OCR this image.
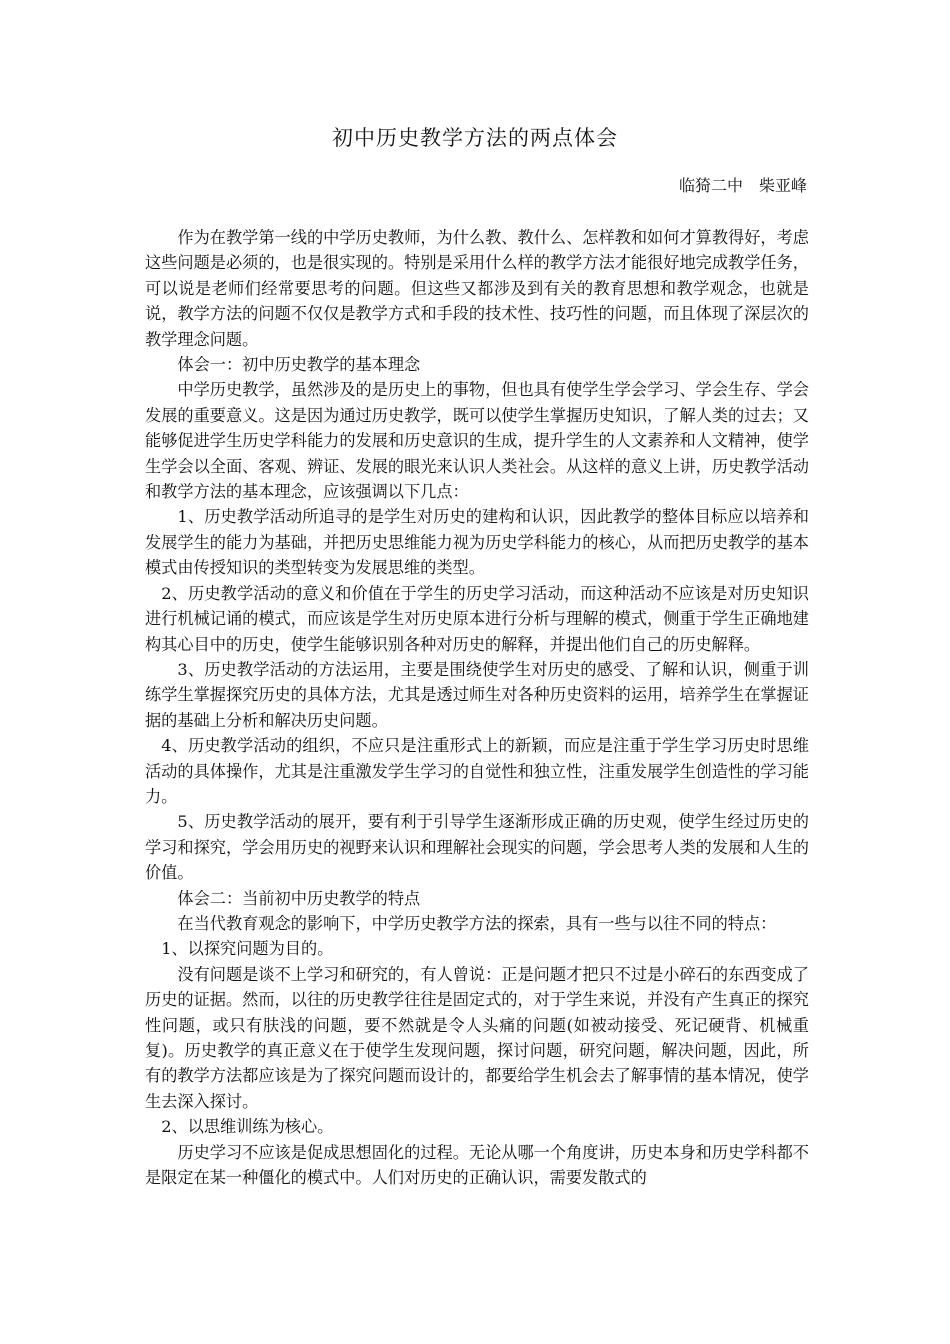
初中历史教学方法的两点体会
临猗二中　柴亚峰

作为在教学第一线的中学历史教师，为什么教、教什么、怎样教和如何才算教得好，考虑这些问题是必须的，也是很实现的。特别是采用什么样的教学方法才能很好地完成教学任务，可以说是老师们经常要思考的问题。但这些又都涉及到有关的教育思想和教学观念，也就是说，教学方法的问题不仅仅是教学方式和手段的技术性、技巧性的问题，而且体现了深层次的教学理念问题。

体会一：初中历史教学的基本理念

中学历史教学，虽然涉及的是历史上的事物，但也具有使学生学会学习、学会生存、学会发展的重要意义。这是因为通过历史教学，既可以使学生掌握历史知识，了解人类的过去；又能够促进学生历史学科能力的发展和历史意识的生成，提升学生的人文素养和人文精神，使学生学会以全面、客观、辨证、发展的眼光来认识人类社会。从这样的意义上讲，历史教学活动和教学方法的基本理念，应该强调以下几点：

1、历史教学活动所追寻的是学生对历史的建构和认识，因此教学的整体目标应以培养和发展学生的能力为基础，并把历史思维能力视为历史学科能力的核心，从而把历史教学的基本模式由传授知识的类型转变为发展思维的类型。

2、历史教学活动的意义和价值在于学生的历史学习活动，而这种活动不应该是对历史知识进行机械记诵的模式，而应该是学生对历史原本进行分析与理解的模式，侧重于学生正确地建构其心目中的历史，使学生能够识别各种对历史的解释，并提出他们自己的历史解释。

3、历史教学活动的方法运用，主要是围绕使学生对历史的感受、了解和认识，侧重于训练学生掌握探究历史的具体方法，尤其是透过师生对各种历史资料的运用，培养学生在掌握证据的基础上分析和解决历史问题。

4、历史教学活动的组织，不应只是注重形式上的新颖，而应是注重于学生学习历史时思维活动的具体操作，尤其是注重激发学生学习的自觉性和独立性，注重发展学生创造性的学习能力。

5、历史教学活动的展开，要有利于引导学生逐渐形成正确的历史观，使学生经过历史的学习和探究，学会用历史的视野来认识和理解社会现实的问题，学会思考人类的发展和人生的价值。

体会二：当前初中历史教学的特点

在当代教育观念的影响下，中学历史教学方法的探索，具有一些与以往不同的特点：

1、以探究问题为目的。

没有问题是谈不上学习和研究的，有人曾说：正是问题才把只不过是小碎石的东西变成了历史的证据。然而，以往的历史教学往往是固定式的，对于学生来说，并没有产生真正的探究性问题，或只有肤浅的问题，要不然就是令人头痛的问题(如被动接受、死记硬背、机械重复)。历史教学的真正意义在于使学生发现问题，探讨问题，研究问题，解决问题，因此，所有的教学方法都应该是为了探究问题而设计的，都要给学生机会去了解事情的基本情况，使学生去深入探讨。

2、以思维训练为核心。

历史学习不应该是促成思想固化的过程。无论从哪一个角度讲，历史本身和历史学科都不是限定在某一种僵化的模式中。人们对历史的正确认识，需要发散式的
